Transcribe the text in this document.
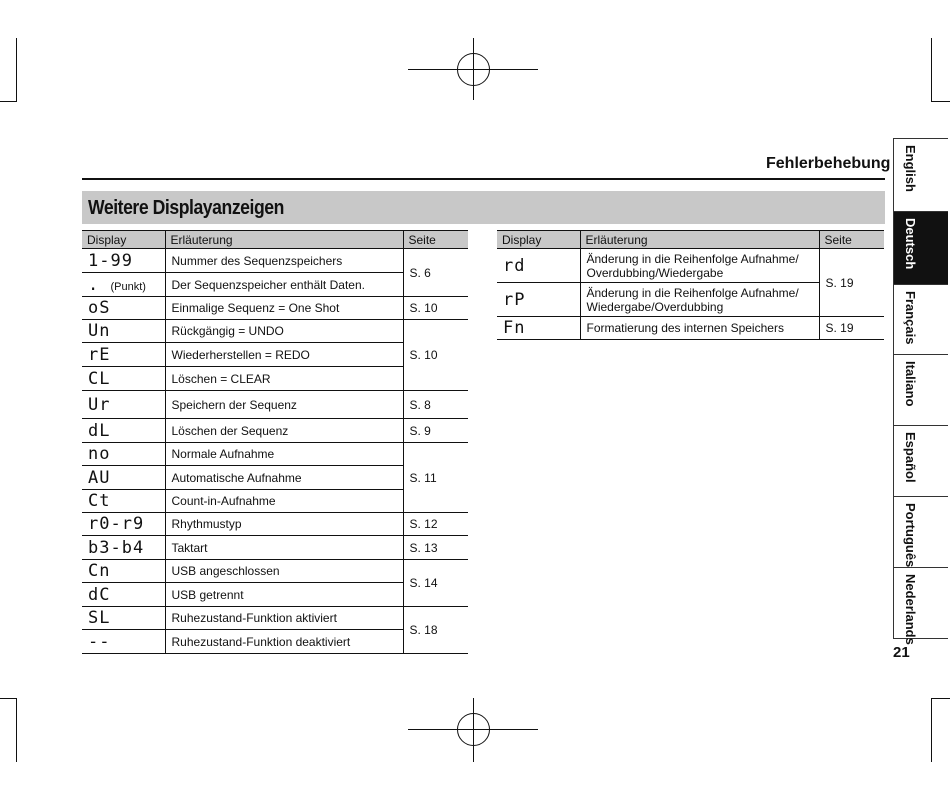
Fehlerbehebung
Weitere Displayanzeigen
Display	Erläuterung	Seite
1-99	Nummer des Sequenzspeichers	S. 6
. (Punkt)	Der Sequenzspeicher enthält Daten.	
oS	Einmalige Sequenz = One Shot	S. 10
Un	Rückgängig = UNDO	S. 10
rE	Wiederherstellen = REDO	
CL	Löschen = CLEAR	
Ur	Speichern der Sequenz	S. 8
dL	Löschen der Sequenz	S. 9
no	Normale Aufnahme	S. 11
AU	Automatische Aufnahme	
Ct	Count-in-Aufnahme	
r0-r9	Rhythmustyp	S. 12
b3-b4	Taktart	S. 13
Cn	USB angeschlossen	S. 14
dC	USB getrennt	
SL	Ruhezustand-Funktion aktiviert	S. 18
--	Ruhezustand-Funktion deaktiviert	
Display	Erläuterung	Seite
rd	Änderung in die Reihenfolge Aufnahme/ Overdubbing/Wiedergabe	S. 19
rP	Änderung in die Reihenfolge Aufnahme/ Wiedergabe/Overdubbing	
Fn	Formatierung des internen Speichers	S. 19
English
Deutsch
Français
Italiano
Español
Português
Nederlands
21
